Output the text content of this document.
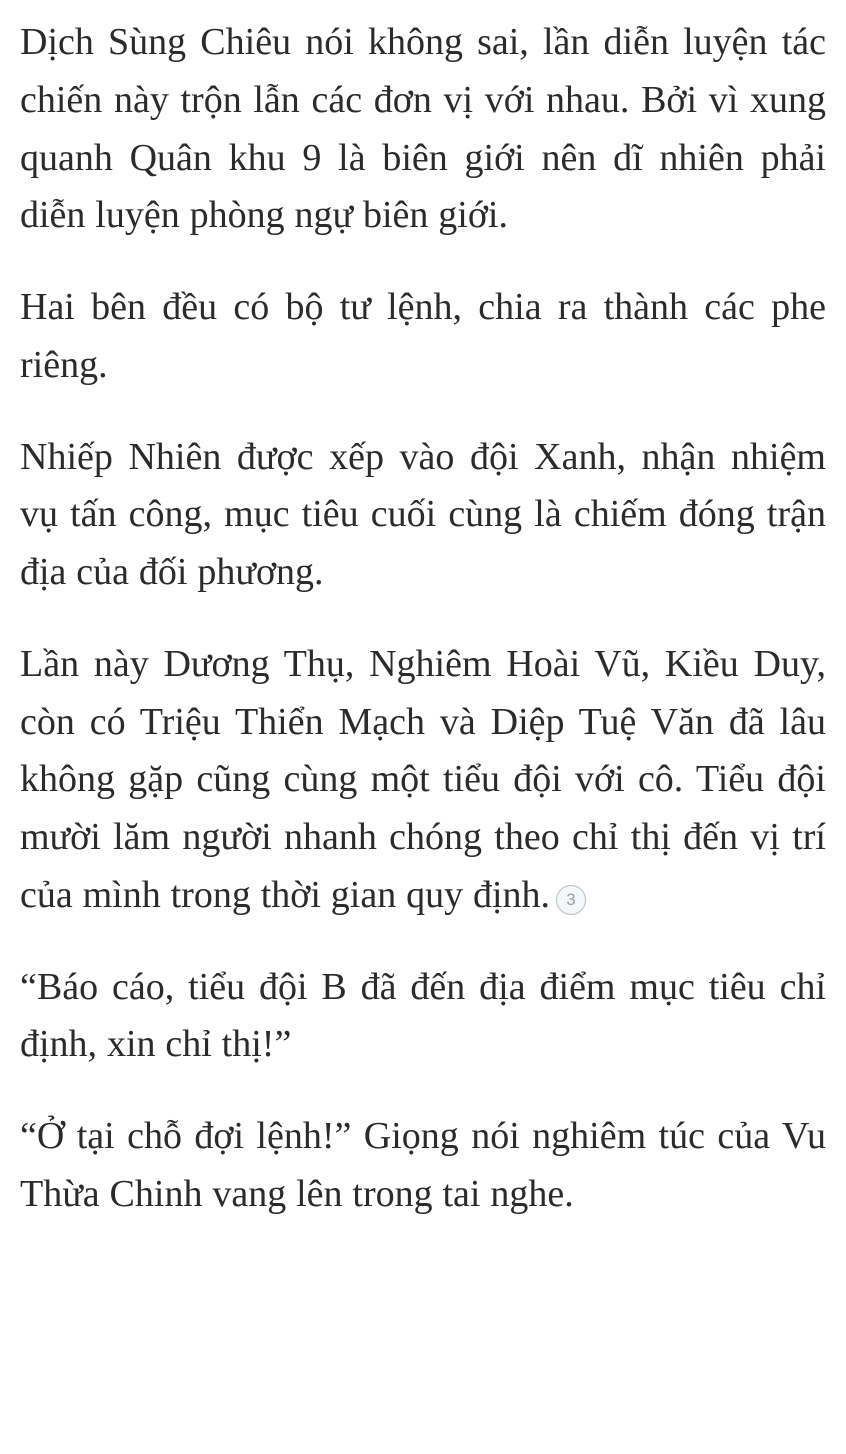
Dịch Sùng Chiêu nói không sai, lần diễn luyện tác chiến này trộn lẫn các đơn vị với nhau. Bởi vì xung quanh Quân khu 9 là biên giới nên dĩ nhiên phải diễn luyện phòng ngự biên giới.

Hai bên đều có bộ tư lệnh, chia ra thành các phe riêng.

Nhiếp Nhiên được xếp vào đội Xanh, nhận nhiệm vụ tấn công, mục tiêu cuối cùng là chiếm đóng trận địa của đối phương.

Lần này Dương Thụ, Nghiêm Hoài Vũ, Kiều Duy, còn có Triệu Thiển Mạch và Diệp Tuệ Văn đã lâu không gặp cũng cùng một tiểu đội với cô. Tiểu đội mười lăm người nhanh chóng theo chỉ thị đến vị trí của mình trong thời gian quy định. 3

“Báo cáo, tiểu đội B đã đến địa điểm mục tiêu chỉ định, xin chỉ thị!”

“Ở tại chỗ đợi lệnh!” Giọng nói nghiêm túc của Vu Thừa Chinh vang lên trong tai nghe.
